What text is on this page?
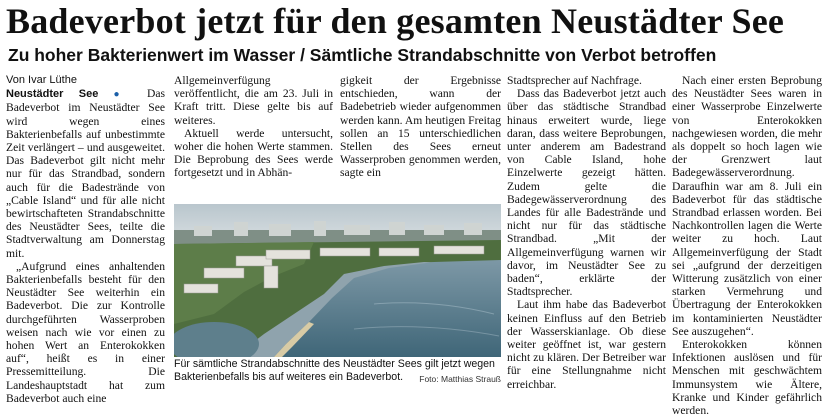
Badeverbot jetzt für den gesamten Neustädter See
Zu hoher Bakterienwert im Wasser / Sämtliche Strandabschnitte von Verbot betroffen

Von Ivar Lüthe

Neustädter See ● Das Badeverbot im Neustädter See wird wegen eines Bakterienbefalls auf unbestimmte Zeit verlängert – und ausgeweitet. Das Badeverbot gilt nicht mehr nur für das Strandbad, sondern auch für die Badestrände von „Cable Island“ und für alle nicht bewirtschafteten Strandabschnitte des Neustädter Sees, teilte die Stadtverwaltung am Donnerstag mit.

„Aufgrund eines anhaltenden Bakterienbefalls besteht für den Neustädter See weiterhin ein Badeverbot. Die zur Kontrolle durchgeführten Wasserproben weisen nach wie vor einen zu hohen Wert an Enterokokken auf“, heißt es in einer Pressemitteilung. Die Landeshauptstadt hat zum Badeverbot auch eine

Allgemeinverfügung veröffentlicht, die am 23. Juli in Kraft tritt. Diese gelte bis auf weiteres.

Aktuell werde untersucht, woher die hohen Werte stammen. Die Beprobung des Sees werde fortgesetzt und in Abhän-

gigkeit der Ergebnisse entschieden, wann der Badebetrieb wieder aufgenommen werden kann. Am heutigen Freitag sollen an 15 unterschiedlichen Stellen des Sees erneut Wasserproben genommen werden, sagte ein

Für sämtliche Strandabschnitte des Neustädter Sees gilt jetzt wegen
Bakterienbefalls bis auf weiteres ein Badeverbot. Foto: Matthias Strauß

Stadtsprecher auf Nachfrage.

Dass das Badeverbot jetzt auch über das städtische Strandbad hinaus erweitert wurde, liege daran, dass weitere Beprobungen, unter anderem am Badestrand von Cable Island, hohe Einzelwerte gezeigt hätten. Zudem gelte die Badegewässerverordnung des Landes für alle Badestrände und nicht nur für das städtische Strandbad. „Mit der Allgemeinverfügung warnen wir davor, im Neustädter See zu baden“, erklärte der Stadtsprecher.

Laut ihm habe das Badeverbot keinen Einfluss auf den Betrieb der Wasserskianlage. Ob diese weiter geöffnet ist, war gestern nicht zu klären. Der Betreiber war für eine Stellungnahme nicht erreichbar.

Nach einer ersten Beprobung des Neustädter Sees waren in einer Wasserprobe Einzelwerte von Enterokokken nachgewiesen worden, die mehr als doppelt so hoch lagen wie der Grenzwert laut Badegewässerverordnung. Daraufhin war am 8. Juli ein Badeverbot für das städtische Strandbad erlassen worden. Bei Nachkontrollen lagen die Werte weiter zu hoch. Laut Allgemeinverfügung der Stadt sei „aufgrund der derzeitigen Witterung zusätzlich von einer starken Vermehrung und Übertragung der Enterokokken im kontaminierten Neustädter See auszugehen“.

Enterokokken können Infektionen auslösen und für Menschen mit geschwächtem Immunsystem wie Ältere, Kranke und Kinder gefährlich werden.
